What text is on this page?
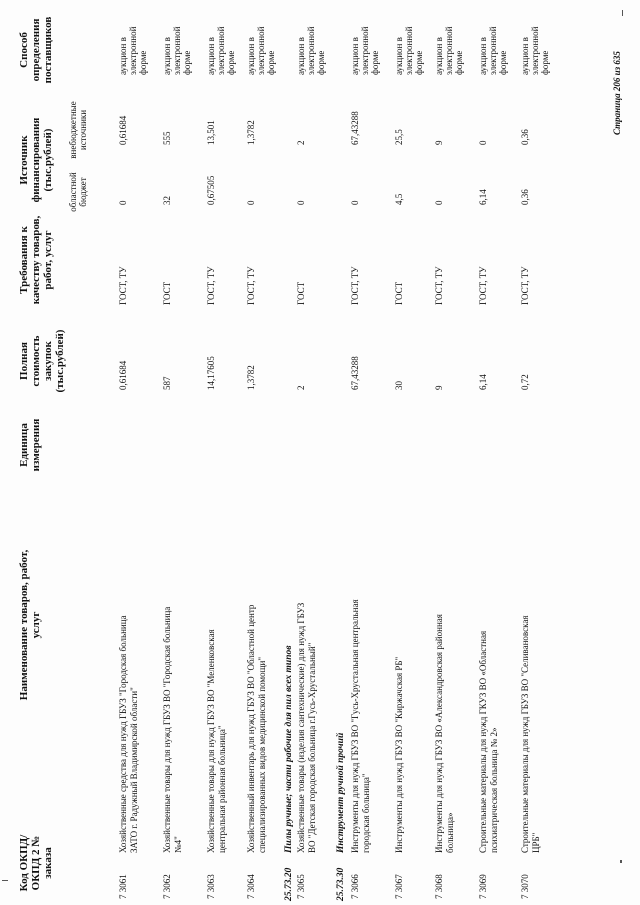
Код ОКПД/ ОКПД 2 № заказа
Наименование товаров, работ, услуг
Единица измерения
Полная стоимость закупок (тыс.рублей)
Требования к качеству товаров, работ, услуг
Источник финансирования (тыс.рублей)
областной бюджет
внебюджетные источники
Способ определения поставщиков
7 3061
Хозяйственные средства для нужд ГБУЗ "Городская больница ЗАТО г. Радужный Владимирской области"
0,61684
ГОСТ, ТУ
0
0,61684
аукцион в электронной форме
7 3062
Хозяйственные товары для нужд ГБУЗ ВО "Городская больница №4"
587
ГОСТ
32
555
аукцион в электронной форме
7 3063
Хозяйственные товары для нужд ГБУЗ ВО "Меленковская центральная районная больница"
14,17605
ГОСТ, ТУ
0,67505
13,501
аукцион в электронной форме
7 3064
Хозяйственный инвентарь для нужд ГБУЗ ВО "Областной центр специализированных видов медицинской помощи"
1,3782
ГОСТ, ТУ
0
1,3782
аукцион в электронной форме
25.73.20
Пилы ручные; части рабочие для пил всех типов
7 3065
Хозяйственные товары (изделия сантехнические) для нужд ГБУЗ ВО "Детская городская больница г.Гусь-Хрустальный"
2
ГОСТ
0
2
аукцион в электронной форме
25.73.30
Инструмент ручной прочий
7 3066
Инструменты для нужд ГБУЗ ВО "Гусь-Хрустальная центральная городская больница"
67,43288
ГОСТ, ТУ
0
67,43288
аукцион в электронной форме
7 3067
Инструменты для нужд ГБУЗ ВО "Киржачская РБ"
30
ГОСТ
4,5
25,5
аукцион в электронной форме
7 3068
Инструменты для нужд ГБУЗ ВО «Александровская районная больница»
9
ГОСТ, ТУ
0
9
аукцион в электронной форме
7 3069
Строительные материалы для нужд ГКУЗ ВО «Областная психиатрическая больница № 2»
6,14
ГОСТ, ТУ
6,14
0
аукцион в электронной форме
7 3070
Строительные материалы для нужд ГБУЗ ВО "Селивановская ЦРБ"
0,72
ГОСТ, ТУ
0,36
0,36
аукцион в электронной форме	Страница 206 из 635
